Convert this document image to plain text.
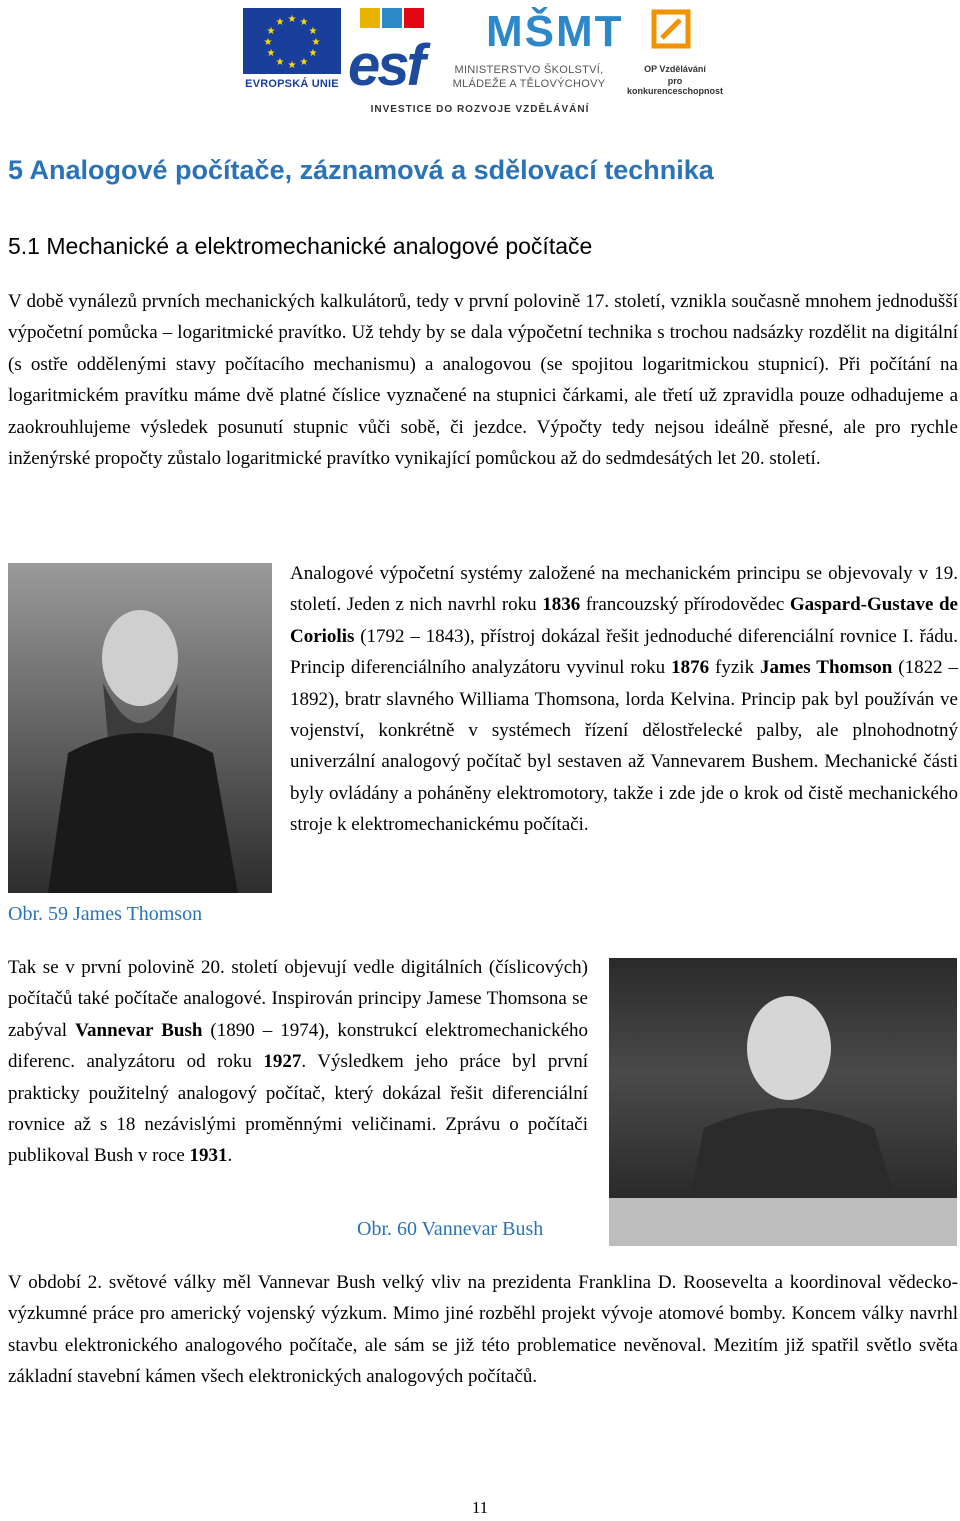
★ ★
★
★
★
★
★
★
★
★
★
★
EVROPSKÁ UNIE esf
MŠMT
MINISTERSTVO ŠKOLSTVÍ,
MLÁDEŽE A TĚLOVÝCHOVY
OP Vzdělávání
pro konkurenceschopnost
INVESTICE DO ROZVOJE VZDĚLÁVÁNÍ
5 Analogové počítače, záznamová a sdělovací technika
5.1 Mechanické a elektromechanické analogové počítače
V době vynálezů prvních mechanických kalkulátorů, tedy v první polovině 17. století, vznikla současně mnohem jednodušší výpočetní pomůcka – logaritmické pravítko. Už tehdy by se dala výpočetní technika s trochou nadsázky rozdělit na digitální (s ostře oddělenými stavy počítacího mechanismu) a analogovou (se spojitou logaritmickou stupnicí). Při počítání na logaritmickém pravítku máme dvě platné číslice vyznačené na stupnici čárkami, ale třetí už zpravidla pouze odhadujeme a zaokrouhlujeme výsledek posunutí stupnic vůči sobě, či jezdce. Výpočty tedy nejsou ideálně přesné, ale pro rychle inženýrské propočty zůstalo logaritmické pravítko vynikající pomůckou až do sedmdesátých let 20. století.
Obr. 59 James Thomson
Analogové výpočetní systémy založené na mechanickém principu se objevovaly v 19. století. Jeden z nich navrhl roku 1836 francouzský přírodovědec Gaspard-Gustave de Coriolis (1792 – 1843), přístroj dokázal řešit jednoduché diferenciální rovnice I. řádu. Princip diferenciálního analyzátoru vyvinul roku 1876 fyzik James Thomson (1822 – 1892), bratr slavného Williama Thomsona, lorda Kelvina. Princip pak byl používán ve vojenství, konkrétně v systémech řízení dělostřelecké palby, ale plnohodnotný univerzální analogový počítač byl sestaven až Vannevarem Bushem. Mechanické části byly ovládány a poháněny elektromotory, takže i zde jde o krok od čistě mechanického stroje k elektromechanickému počítači.
Tak se v první polovině 20. století objevují vedle digitálních (číslicových) počítačů také počítače analogové. Inspirován principy Jamese Thomsona se zabýval Vannevar Bush (1890 – 1974), konstrukcí elektromechanického diferenc. analyzátoru od roku 1927. Výsledkem jeho práce byl první prakticky použitelný analogový počítač, který dokázal řešit diferenciální rovnice až s 18 nezávislými proměnnými veličinami. Zprávu o počítači publikoval Bush v roce 1931.
Obr. 60 Vannevar Bush
V období 2. světové války měl Vannevar Bush velký vliv na prezidenta Franklina D. Roosevelta a koordinoval vědecko-výzkumné práce pro americký vojenský výzkum. Mimo jiné rozběhl projekt vývoje atomové bomby. Koncem války navrhl stavbu elektronického analogového počítače, ale sám se již této problematice nevěnoval. Mezitím již spatřil světlo světa základní stavební kámen všech elektronických analogových počítačů.
11
